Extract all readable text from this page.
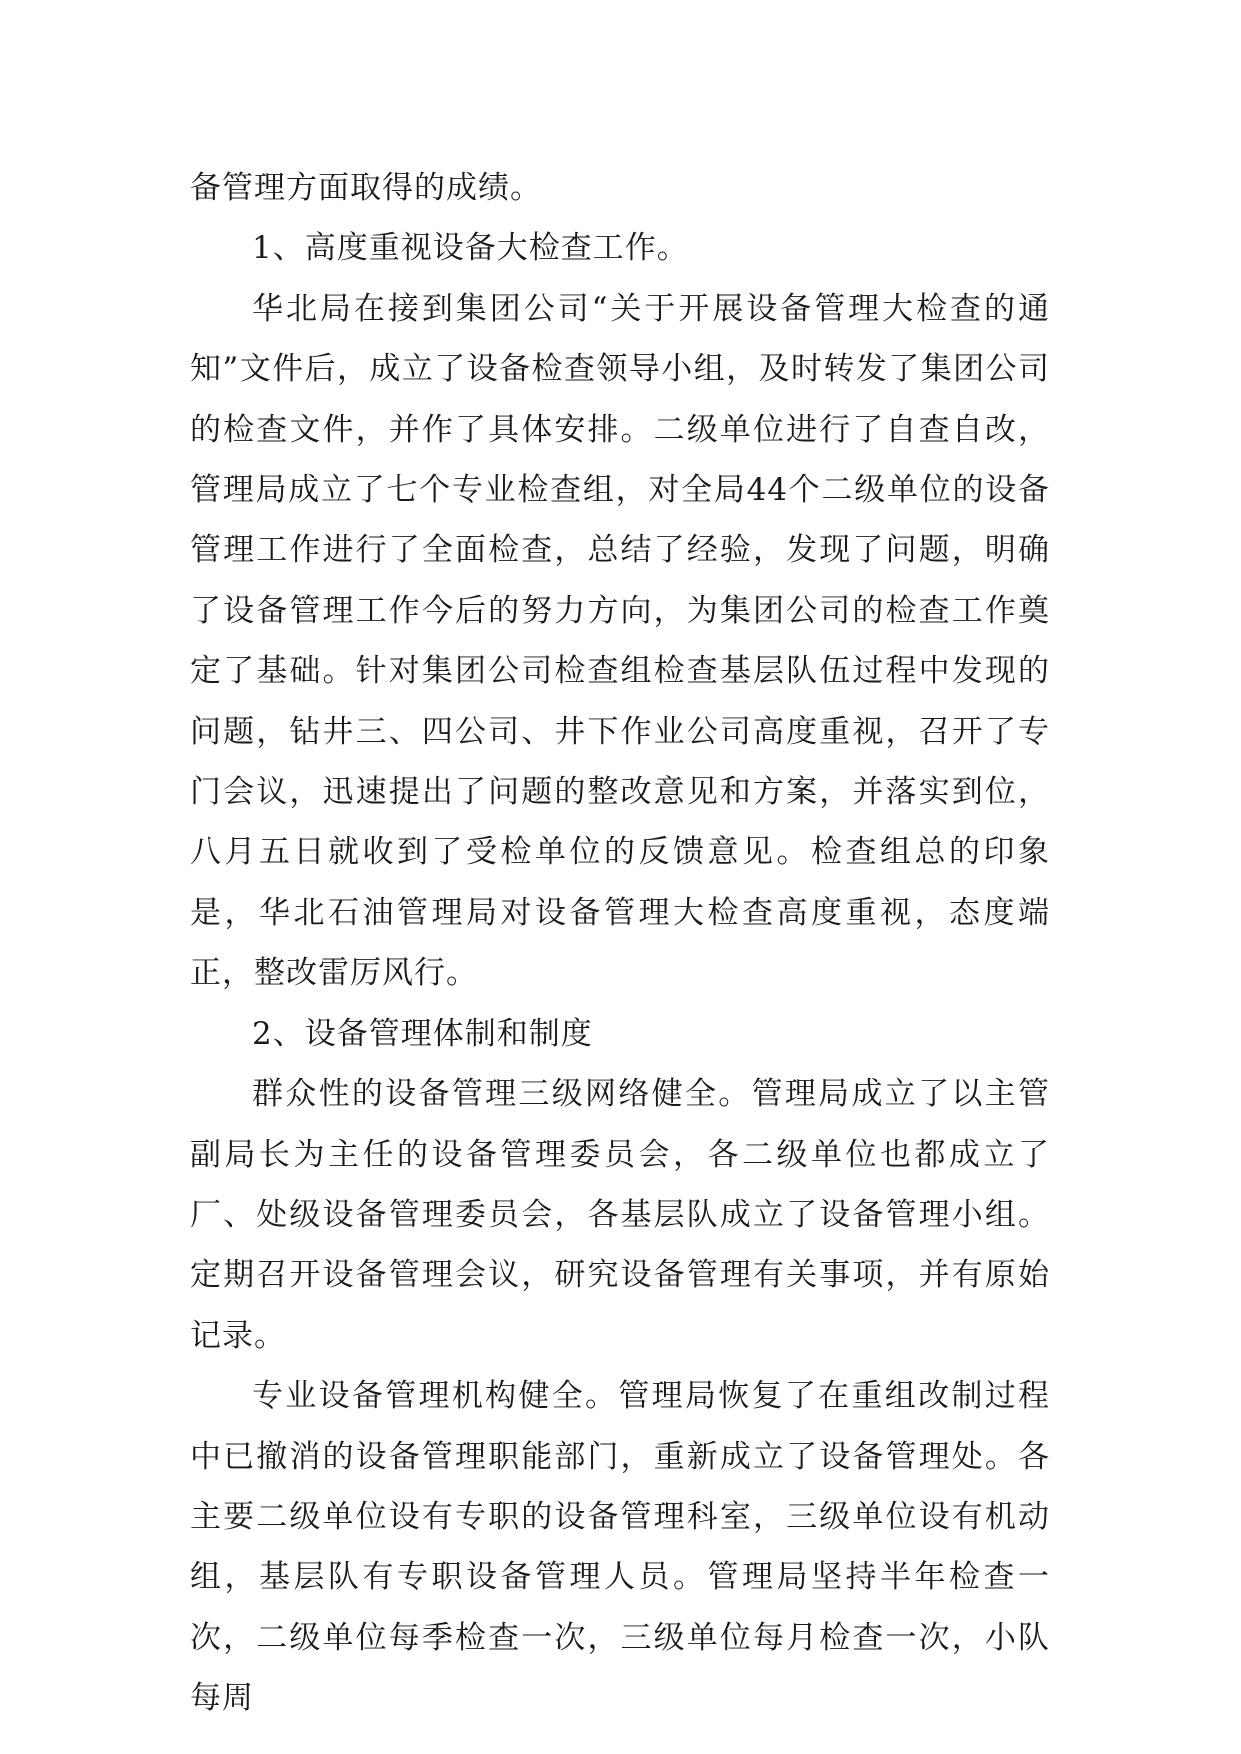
备管理方面取得的成绩。

1、高度重视设备大检查工作。

华北局在接到集团公司“关于开展设备管理大检查的通知”文件后，成立了设备检查领导小组，及时转发了集团公司的检查文件，并作了具体安排。二级单位进行了自查自改，管理局成立了七个专业检查组，对全局44个二级单位的设备管理工作进行了全面检查，总结了经验，发现了问题，明确了设备管理工作今后的努力方向，为集团公司的检查工作奠定了基础。针对集团公司检查组检查基层队伍过程中发现的问题，钻井三、四公司、井下作业公司高度重视，召开了专门会议，迅速提出了问题的整改意见和方案，并落实到位，八月五日就收到了受检单位的反馈意见。检查组总的印象是，华北石油管理局对设备管理大检查高度重视，态度端正，整改雷厉风行。

2、设备管理体制和制度

群众性的设备管理三级网络健全。管理局成立了以主管副局长为主任的设备管理委员会，各二级单位也都成立了厂、处级设备管理委员会，各基层队成立了设备管理小组。定期召开设备管理会议，研究设备管理有关事项，并有原始记录。

专业设备管理机构健全。管理局恢复了在重组改制过程中已撤消的设备管理职能部门，重新成立了设备管理处。各主要二级单位设有专职的设备管理科室，三级单位设有机动组，基层队有专职设备管理人员。管理局坚持半年检查一次，二级单位每季检查一次，三级单位每月检查一次，小队每周
